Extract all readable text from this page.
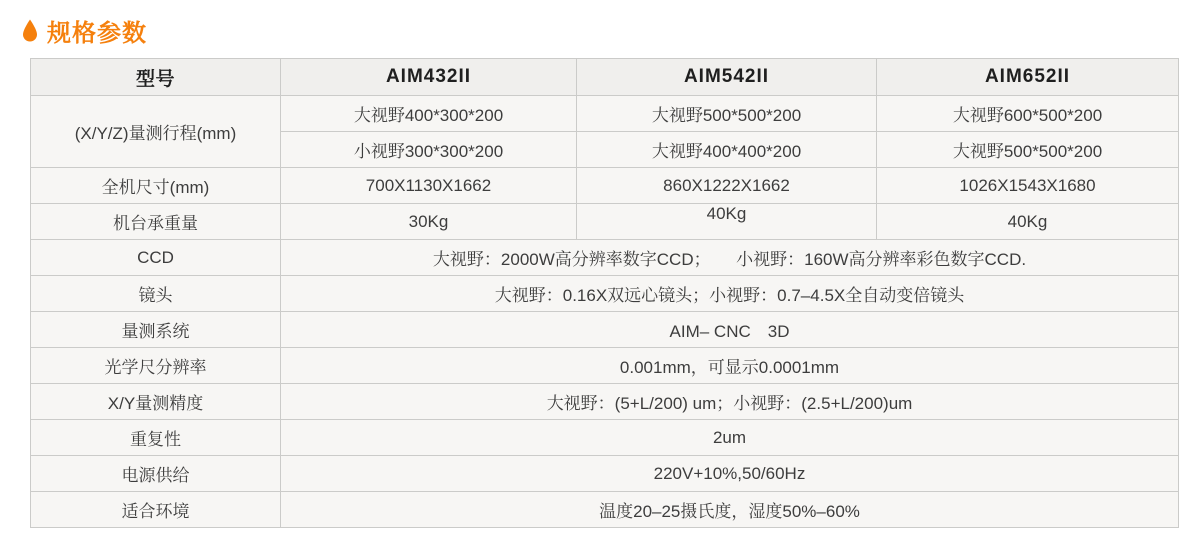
规格参数
型号	AIM432II	AIM542II	AIM652II
(X/Y/Z)量测行程(mm)	大视野400*300*200	大视野500*500*200	大视野600*500*200
	小视野300*300*200	大视野400*400*200	大视野500*500*200
全机尺寸(mm)	700X1130X1662	860X1222X1662	1026X1543X1680
机台承重量	30Kg	40Kg	40Kg
CCD	大视野：2000W高分辨率数字CCD；　　小视野：160W高分辨率彩色数字CCD.		
镜头	大视野：0.16X双远心镜头；小视野：0.7–4.5X全自动变倍镜头		
量测系统	AIM– CNC　3D		
光学尺分辨率	0.001mm，可显示0.0001mm		
X/Y量测精度	大视野：(5+L/200) um；小视野：(2.5+L/200)um		
重复性	2um		
电源供给	220V+10%,50/60Hz		
适合环境	温度20–25摄氏度，湿度50%–60%		
